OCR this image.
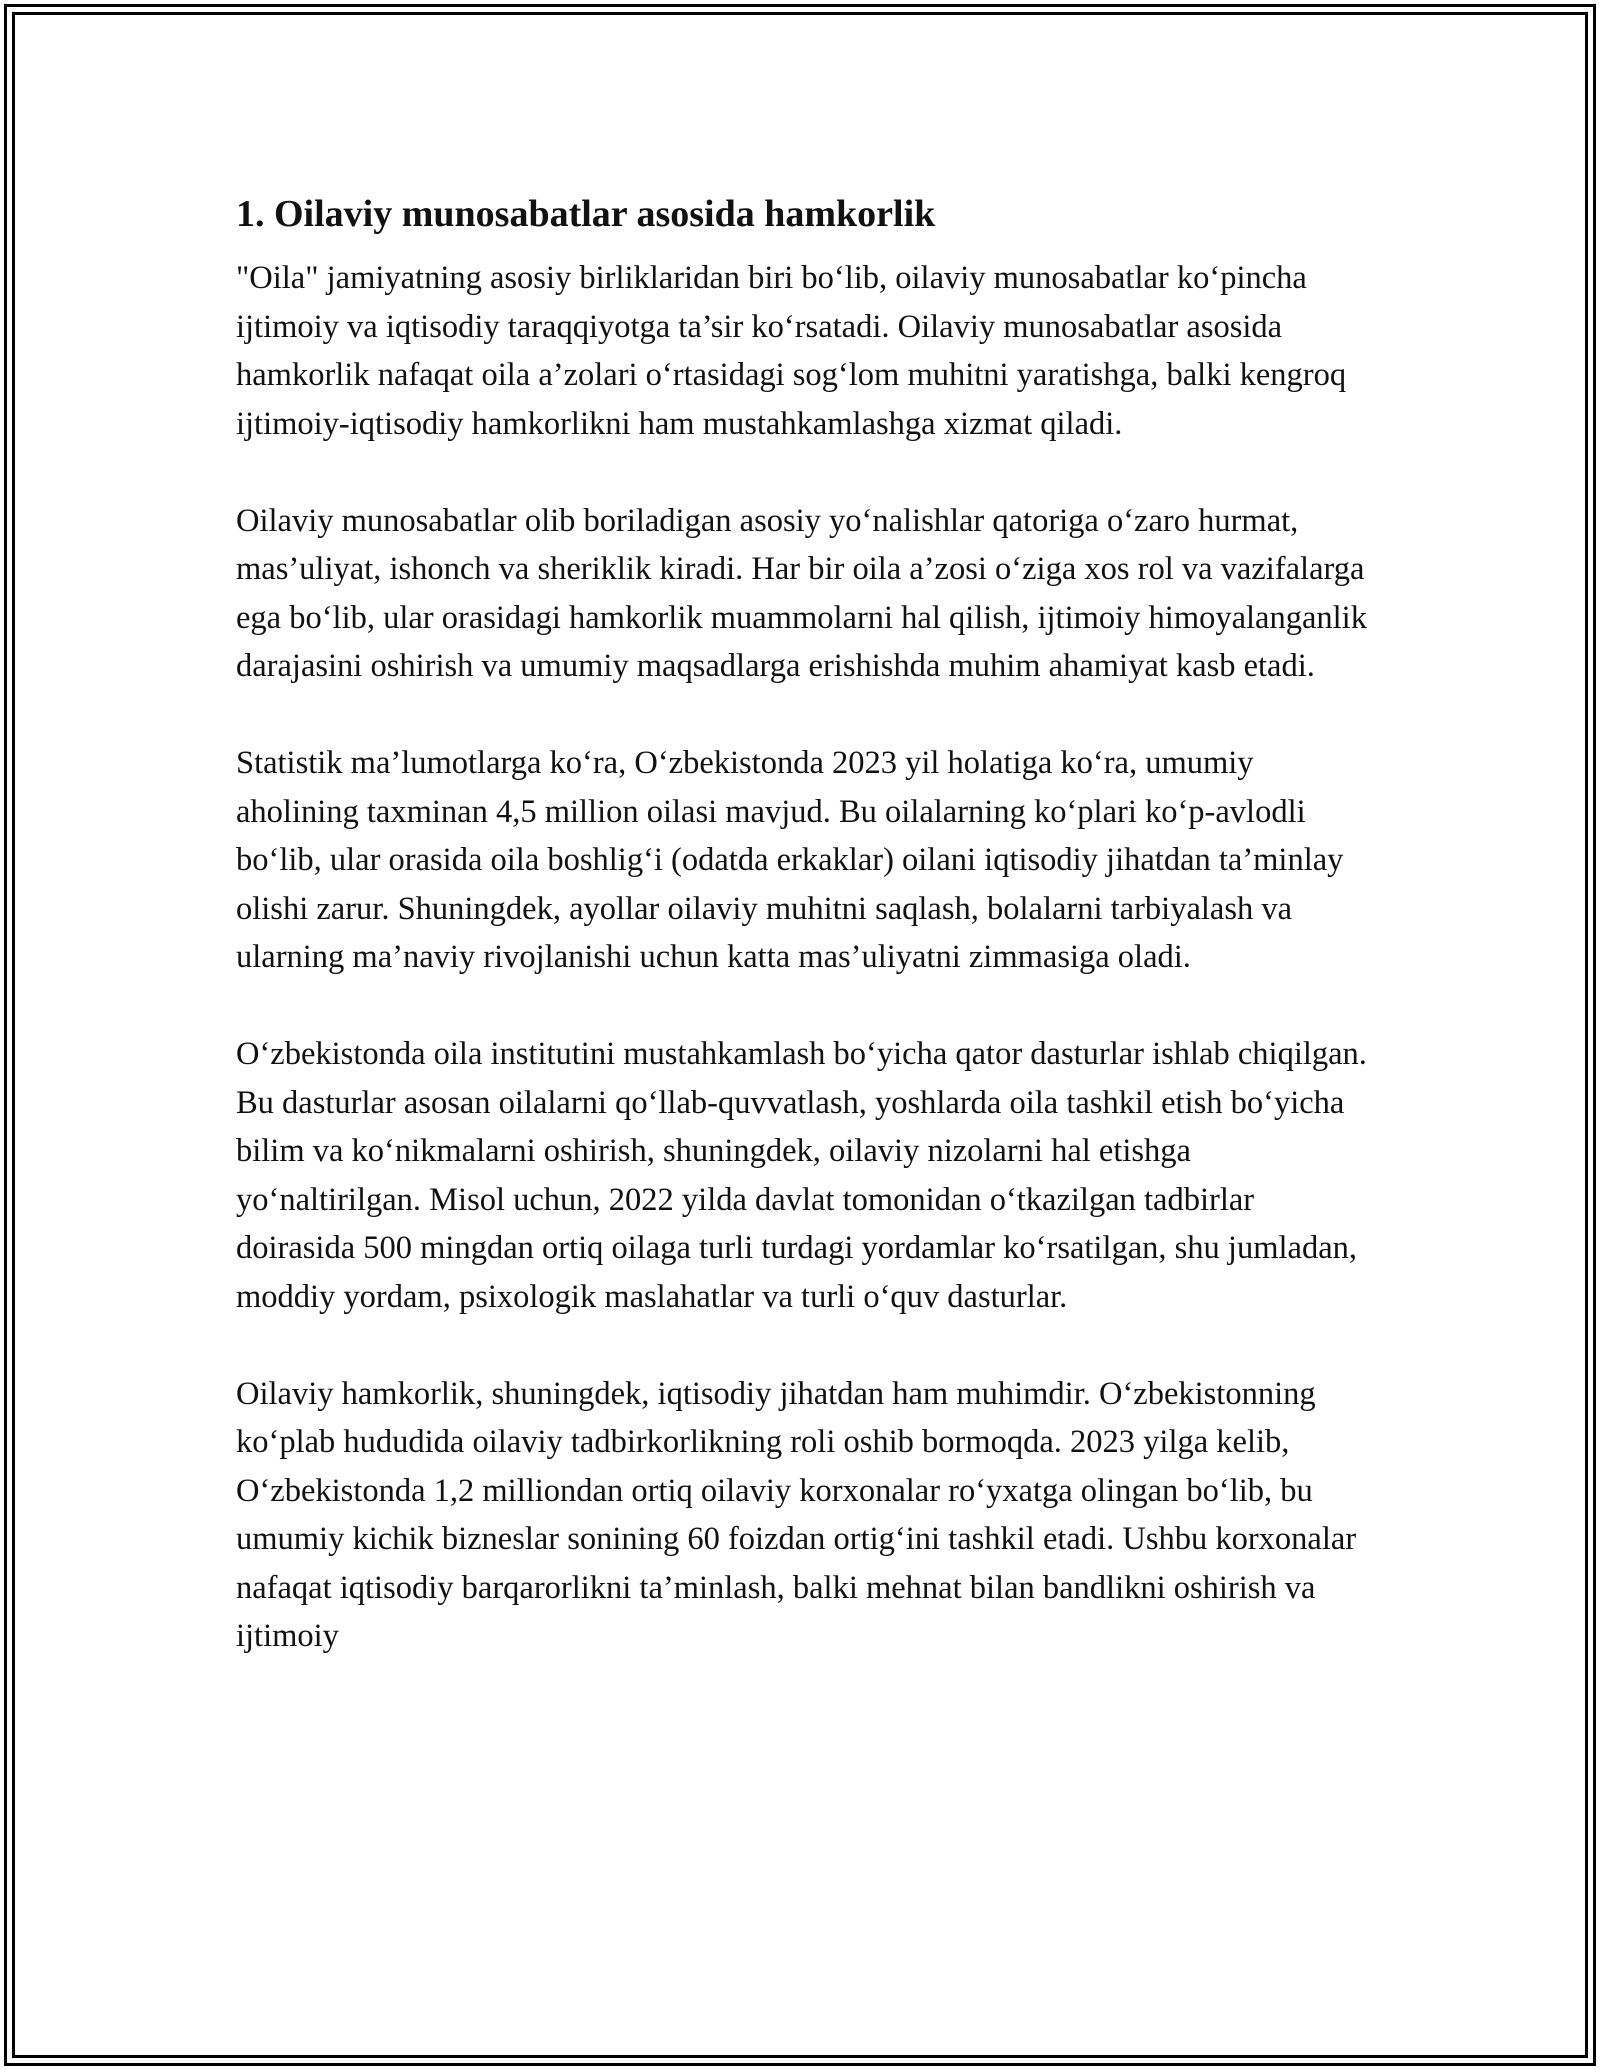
1. Oilaviy munosabatlar asosida hamkorlik

"Oila" jamiyatning asosiy birliklaridan biri bo‘lib, oilaviy munosabatlar ko‘pincha ijtimoiy va iqtisodiy taraqqiyotga ta’sir ko‘rsatadi. Oilaviy munosabatlar asosida hamkorlik nafaqat oila a’zolari o‘rtasidagi sog‘lom muhitni yaratishga, balki kengroq ijtimoiy-iqtisodiy hamkorlikni ham mustahkamlashga xizmat qiladi.

Oilaviy munosabatlar olib boriladigan asosiy yo‘nalishlar qatoriga o‘zaro hurmat, mas’uliyat, ishonch va sheriklik kiradi. Har bir oila a’zosi o‘ziga xos rol va vazifalarga ega bo‘lib, ular orasidagi hamkorlik muammolarni hal qilish, ijtimoiy himoyalanganlik darajasini oshirish va umumiy maqsadlarga erishishda muhim ahamiyat kasb etadi.

Statistik ma’lumotlarga ko‘ra, O‘zbekistonda 2023 yil holatiga ko‘ra, umumiy aholining taxminan 4,5 million oilasi mavjud. Bu oilalarning ko‘plari ko‘p-avlodli bo‘lib, ular orasida oila boshlig‘i (odatda erkaklar) oilani iqtisodiy jihatdan ta’minlay olishi zarur. Shuningdek, ayollar oilaviy muhitni saqlash, bolalarni tarbiyalash va ularning ma’naviy rivojlanishi uchun katta mas’uliyatni zimmasiga oladi.

O‘zbekistonda oila institutini mustahkamlash bo‘yicha qator dasturlar ishlab chiqilgan. Bu dasturlar asosan oilalarni qo‘llab-quvvatlash, yoshlarda oila tashkil etish bo‘yicha bilim va ko‘nikmalarni oshirish, shuningdek, oilaviy nizolarni hal etishga yo‘naltirilgan. Misol uchun, 2022 yilda davlat tomonidan o‘tkazilgan tadbirlar doirasida 500 mingdan ortiq oilaga turli turdagi yordamlar ko‘rsatilgan, shu jumladan, moddiy yordam, psixologik maslahatlar va turli o‘quv dasturlar.

Oilaviy hamkorlik, shuningdek, iqtisodiy jihatdan ham muhimdir. O‘zbekistonning ko‘plab hududida oilaviy tadbirkorlikning roli oshib bormoqda. 2023 yilga kelib, O‘zbekistonda 1,2 milliondan ortiq oilaviy korxonalar ro‘yxatga olingan bo‘lib, bu umumiy kichik bizneslar sonining 60 foizdan ortig‘ini tashkil etadi. Ushbu korxonalar nafaqat iqtisodiy barqarorlikni ta’minlash, balki mehnat bilan bandlikni oshirish va ijtimoiy
